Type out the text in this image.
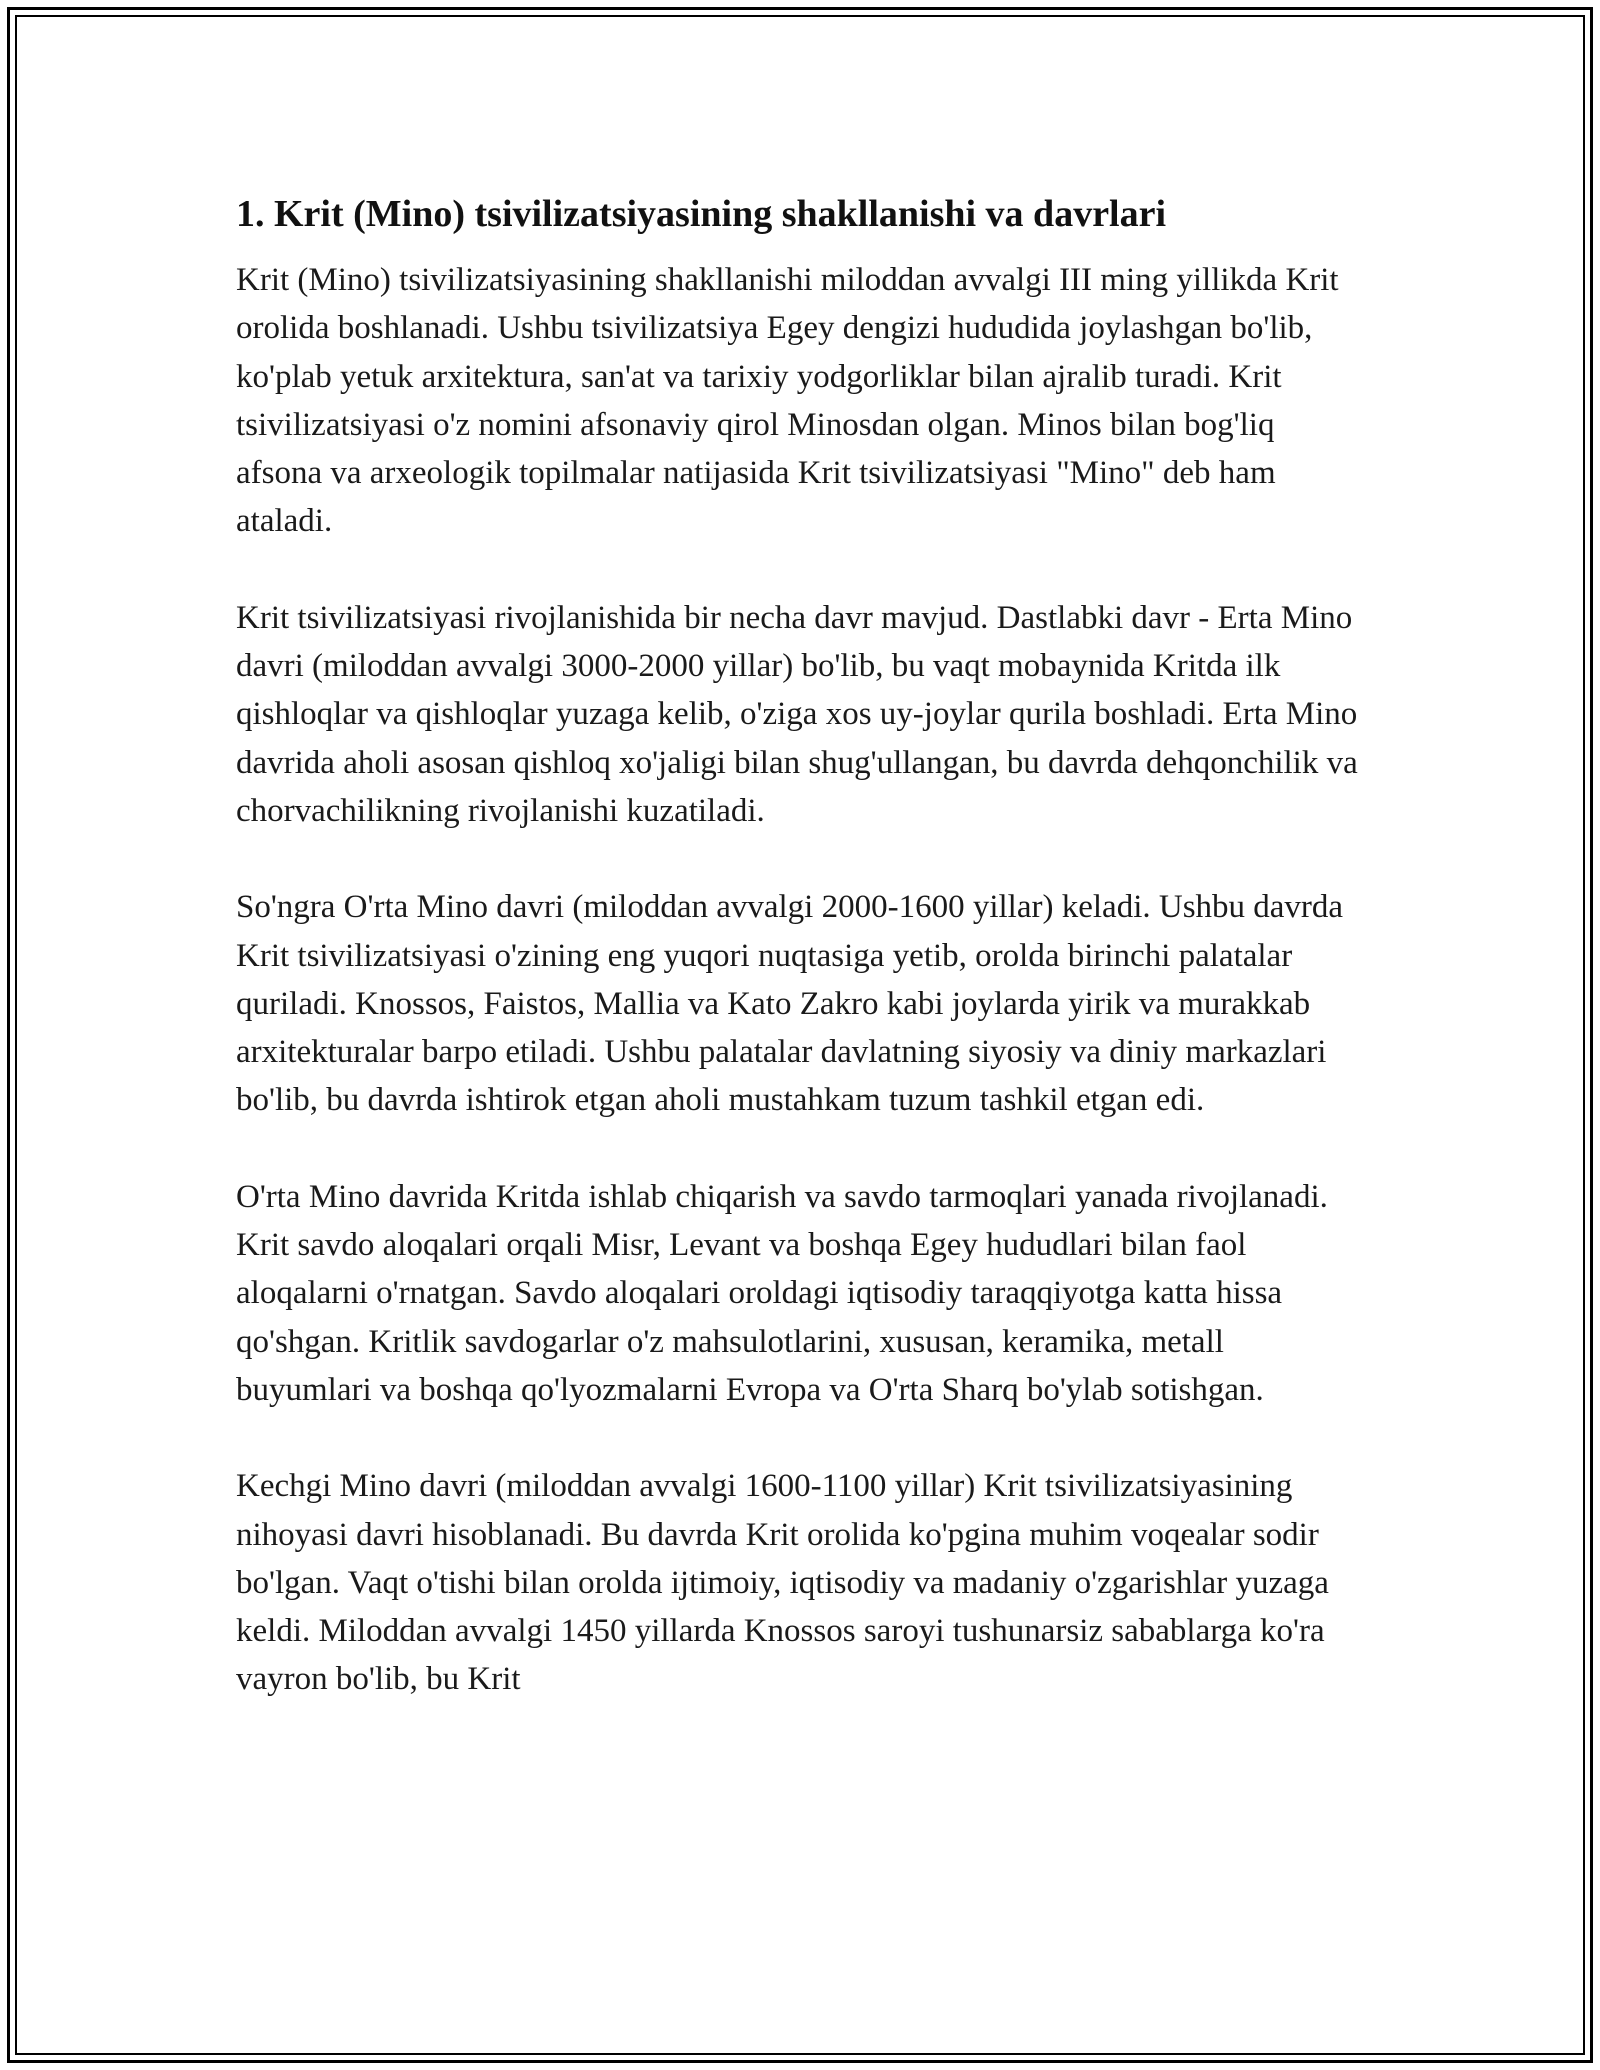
1. Krit (Mino) tsivilizatsiyasining shakllanishi va davrlari

Krit (Mino) tsivilizatsiyasining shakllanishi miloddan avvalgi III ming yillikda Krit orolida boshlanadi. Ushbu tsivilizatsiya Egey dengizi hududida joylashgan bo'lib, ko'plab yetuk arxitektura, san'at va tarixiy yodgorliklar bilan ajralib turadi. Krit tsivilizatsiyasi o'z nomini afsonaviy qirol Minosdan olgan. Minos bilan bog'liq afsona va arxeologik topilmalar natijasida Krit tsivilizatsiyasi "Mino" deb ham ataladi.

Krit tsivilizatsiyasi rivojlanishida bir necha davr mavjud. Dastlabki davr - Erta Mino davri (miloddan avvalgi 3000-2000 yillar) bo'lib, bu vaqt mobaynida Kritda ilk qishloqlar va qishloqlar yuzaga kelib, o'ziga xos uy-joylar qurila boshladi. Erta Mino davrida aholi asosan qishloq xo'jaligi bilan shug'ullangan, bu davrda dehqonchilik va chorvachilikning rivojlanishi kuzatiladi.

So'ngra O'rta Mino davri (miloddan avvalgi 2000-1600 yillar) keladi. Ushbu davrda Krit tsivilizatsiyasi o'zining eng yuqori nuqtasiga yetib, orolda birinchi palatalar quriladi. Knossos, Faistos, Mallia va Kato Zakro kabi joylarda yirik va murakkab arxitekturalar barpo etiladi. Ushbu palatalar davlatning siyosiy va diniy markazlari bo'lib, bu davrda ishtirok etgan aholi mustahkam tuzum tashkil etgan edi.

O'rta Mino davrida Kritda ishlab chiqarish va savdo tarmoqlari yanada rivojlanadi. Krit savdo aloqalari orqali Misr, Levant va boshqa Egey hududlari bilan faol aloqalarni o'rnatgan. Savdo aloqalari oroldagi iqtisodiy taraqqiyotga katta hissa qo'shgan. Kritlik savdogarlar o'z mahsulotlarini, xususan, keramika, metall buyumlari va boshqa qo'lyozmalarni Evropa va O'rta Sharq bo'ylab sotishgan.

Kechgi Mino davri (miloddan avvalgi 1600-1100 yillar) Krit tsivilizatsiyasining nihoyasi davri hisoblanadi. Bu davrda Krit orolida ko'pgina muhim voqealar sodir bo'lgan. Vaqt o'tishi bilan orolda ijtimoiy, iqtisodiy va madaniy o'zgarishlar yuzaga keldi. Miloddan avvalgi 1450 yillarda Knossos saroyi tushunarsiz sabablarga ko'ra vayron bo'lib, bu Krit
